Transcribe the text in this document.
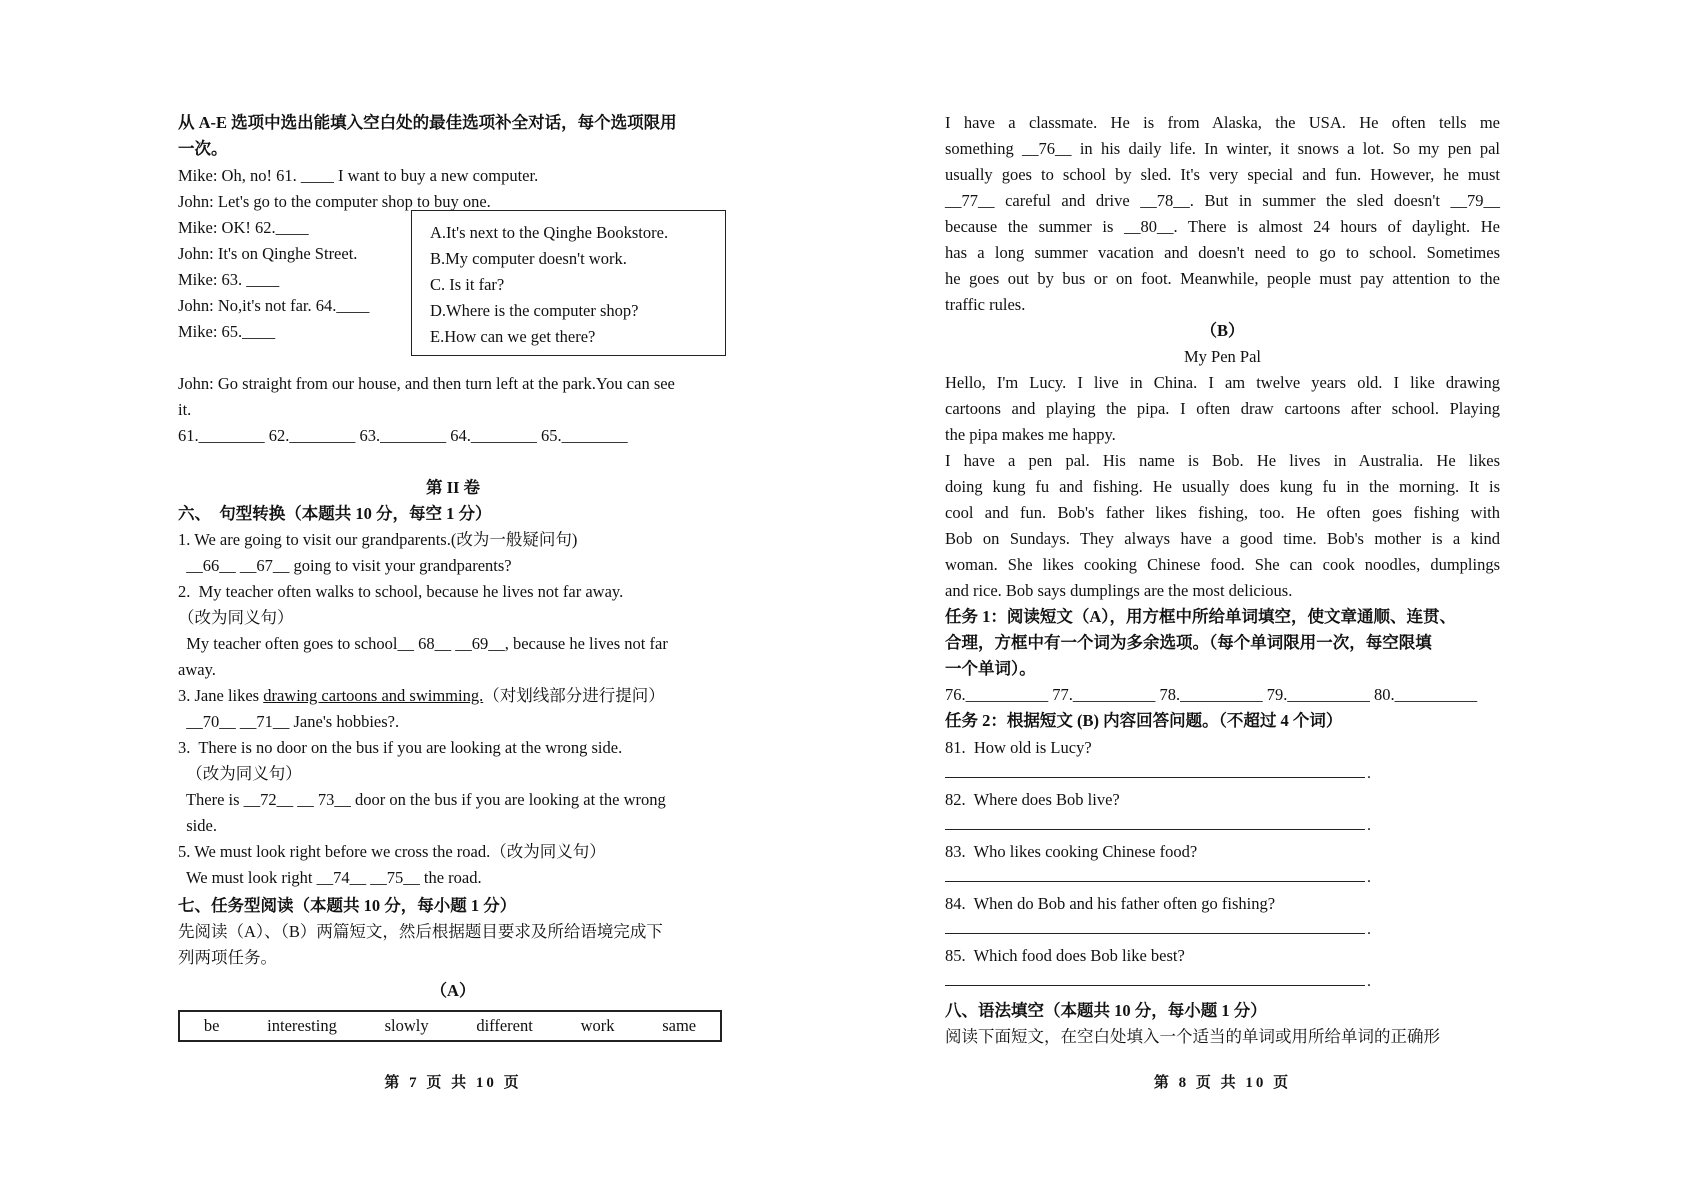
从 A-E 选项中选出能填入空白处的最佳选项补全对话，每个选项限用
一次。
Mike: Oh, no! 61. ____ I want to buy a new computer.
John: Let's go to the computer shop to buy one.
Mike: OK! 62.____
John: It's on Qinghe Street.
Mike: 63. ____
John: No,it's not far. 64.____
Mike: 65.____
A.It's next to the Qinghe Bookstore.
B.My computer doesn't work.
C. Is it far?
D.Where is the computer shop?
E.How can we get there?
John: Go straight from our house, and then turn left at the park.You can see
it.
61.________ 62.________ 63.________ 64.________ 65.________
第 II 卷
六、  句型转换（本题共 10 分，每空 1 分）
1. We are going to visit our grandparents.(改为一般疑问句)
__66__ __67__ going to visit your grandparents?
2.  My teacher often walks to school, because he lives not far away.
（改为同义句）
My teacher often goes to school__ 68__ __69__, because he lives not far
away.
3. Jane likes drawing cartoons and swimming.（对划线部分进行提问）
__70__ __71__ Jane's hobbies?.
3.  There is no door on the bus if you are looking at the wrong side.
（改为同义句）
There is __72__ __ 73__ door on the bus if you are looking at the wrong
side.
5. We must look right before we cross the road.（改为同义句）
We must look right __74__ __75__ the road.
七、任务型阅读（本题共 10 分，每小题 1 分）
先阅读（A）、（B）两篇短文，然后根据题目要求及所给语境完成下
列两项任务。
（A）
be	interesting	slowly	different	work	same
第 7 页 共 10 页
I have a classmate. He is from Alaska, the USA. He often tells me
something __76__ in his daily life. In winter, it snows a lot. So my pen pal
usually goes to school by sled. It's very special and fun. However, he must
__77__ careful and drive __78__. But in summer the sled doesn't __79__
because the summer is __80__. There is almost 24 hours of daylight. He
has a long summer vacation and doesn't need to go to school. Sometimes
he goes out by bus or on foot. Meanwhile, people must pay attention to the
traffic rules.
（B）
My Pen Pal
Hello, I'm Lucy. I live in China. I am twelve years old. I like drawing
cartoons and playing the pipa. I often draw cartoons after school. Playing
the pipa makes me happy.
I have a pen pal. His name is Bob. He lives in Australia. He likes
doing kung fu and fishing. He usually does kung fu in the morning. It is
cool and fun. Bob's father likes fishing, too. He often goes fishing with
Bob on Sundays. They always have a good time. Bob's mother is a kind
woman. She likes cooking Chinese food. She can cook noodles, dumplings
and rice. Bob says dumplings are the most delicious.
任务 1：阅读短文（A），用方框中所给单词填空，使文章通顺、连贯、
合理，方框中有一个词为多余选项。（每个单词限用一次，每空限填
一个单词）。
76.__________ 77.__________ 78.__________ 79.__________ 80.__________
任务 2：根据短文 (B) 内容回答问题。（不超过 4 个词）
81.  How old is Lucy?
.
82.  Where does Bob live?
.
83.  Who likes cooking Chinese food?
.
84.  When do Bob and his father often go fishing?
.
85.  Which food does Bob like best?
.
八、语法填空（本题共 10 分，每小题 1 分）
阅读下面短文，在空白处填入一个适当的单词或用所给单词的正确形
第 8 页 共 10 页
